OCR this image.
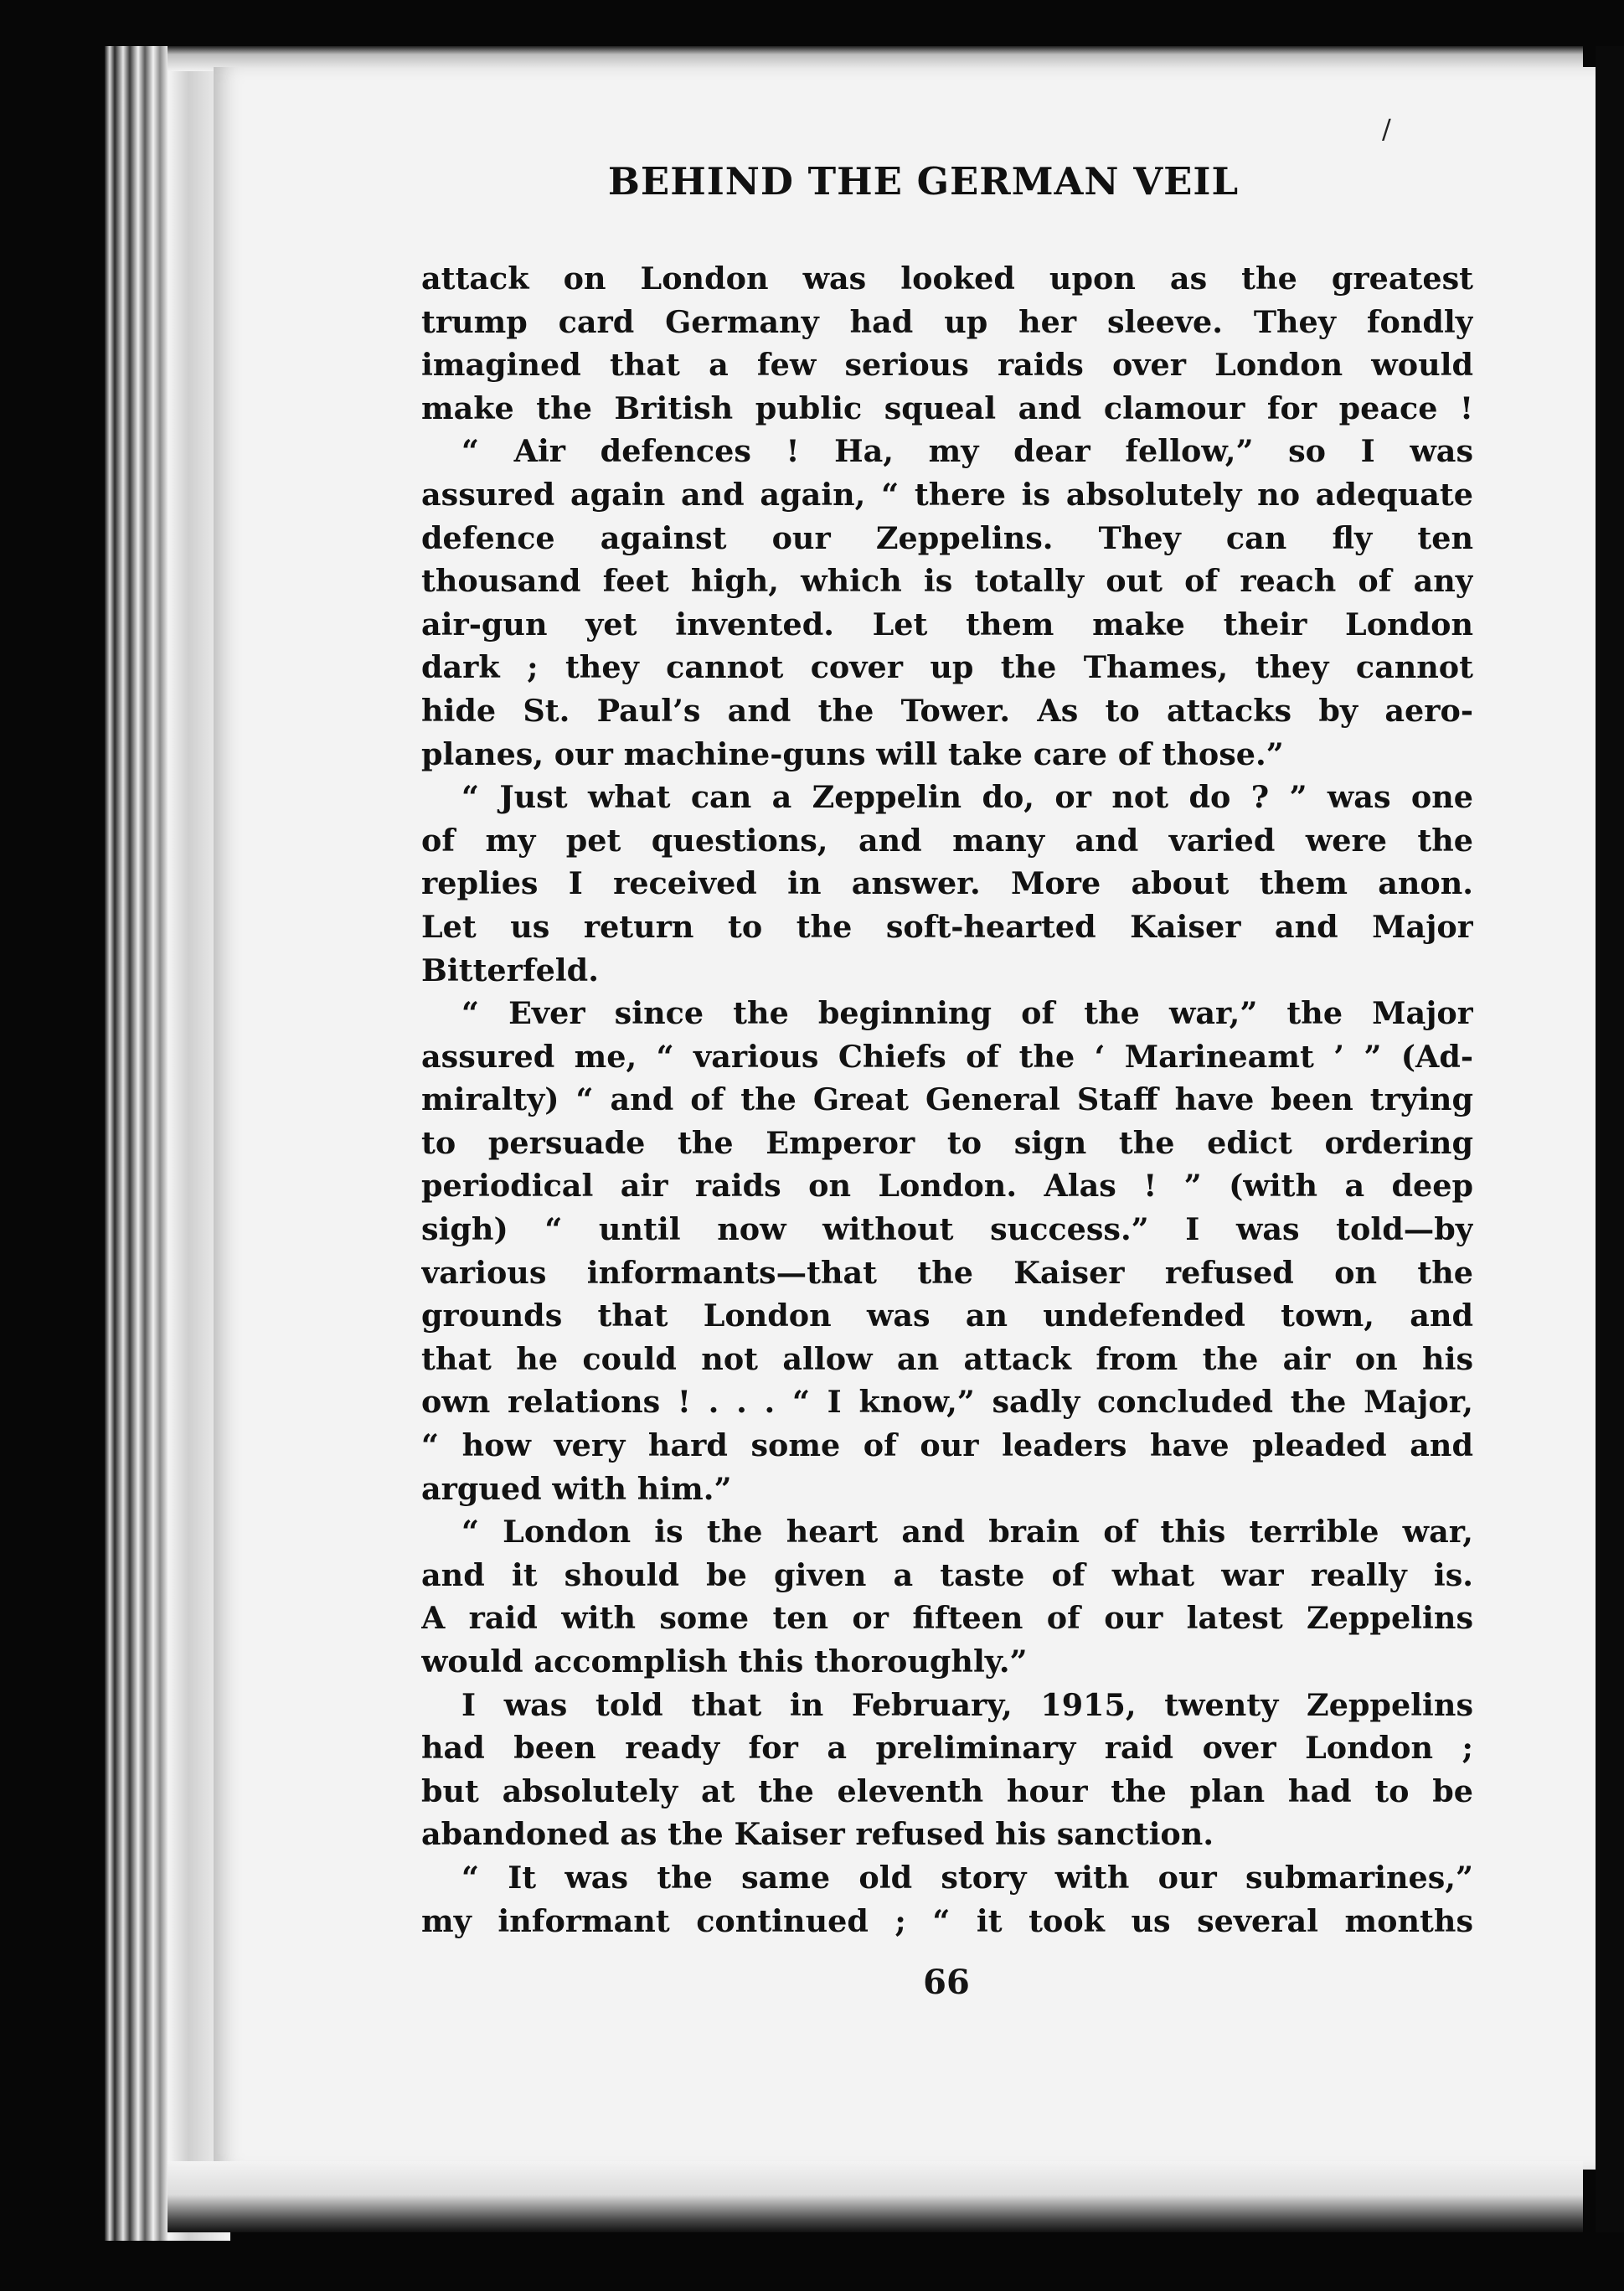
/
BEHIND THE GERMAN VEIL
attack on London was looked upon as the greatest
trump card Germany had up her sleeve. They fondly
imagined that a few serious raids over London would
make the British public squeal and clamour for peace !
“ Air defences ! Ha, my dear fellow,” so I was
assured again and again, “ there is absolutely no adequate
defence against our Zeppelins. They can fly ten
thousand feet high, which is totally out of reach of any
air-gun yet invented. Let them make their London
dark ; they cannot cover up the Thames, they cannot
hide St. Paul’s and the Tower. As to attacks by aero-
planes, our machine-guns will take care of those.”
“ Just what can a Zeppelin do, or not do ? ” was one
of my pet questions, and many and varied were the
replies I received in answer. More about them anon.
Let us return to the soft-hearted Kaiser and Major
Bitterfeld.
“ Ever since the beginning of the war,” the Major
assured me, “ various Chiefs of the ‘ Marineamt ’ ” (Ad-
miralty) “ and of the Great General Staff have been trying
to persuade the Emperor to sign the edict ordering
periodical air raids on London. Alas ! ” (with a deep
sigh) “ until now without success.” I was told—by
various informants—that the Kaiser refused on the
grounds that London was an undefended town, and
that he could not allow an attack from the air on his
own relations ! . . . “ I know,” sadly concluded the Major,
“ how very hard some of our leaders have pleaded and
argued with him.”
“ London is the heart and brain of this terrible war,
and it should be given a taste of what war really is.
A raid with some ten or fifteen of our latest Zeppelins
would accomplish this thoroughly.”
I was told that in February, 1915, twenty Zeppelins
had been ready for a preliminary raid over London ;
but absolutely at the eleventh hour the plan had to be
abandoned as the Kaiser refused his sanction.
“ It was the same old story with our submarines,”
my informant continued ; “ it took us several months
66
